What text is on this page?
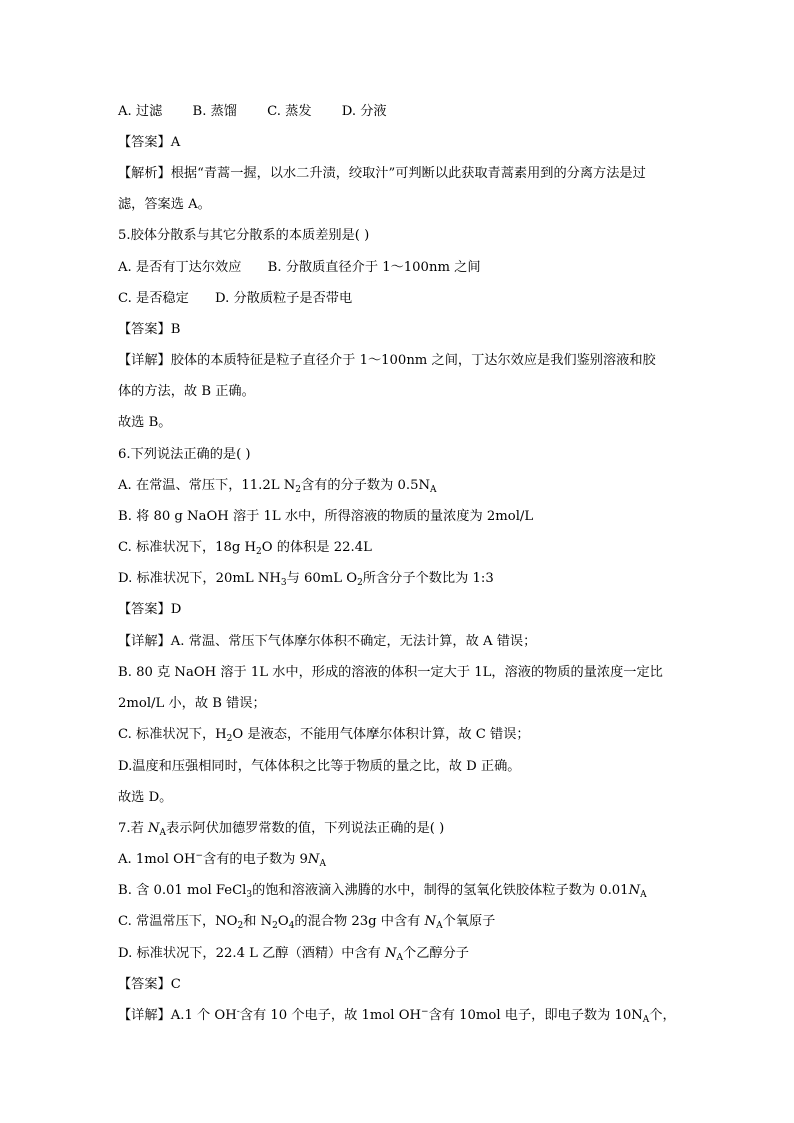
A. 过滤 B. 蒸馏 C. 蒸发 D. 分液
【答案】A
【解析】根据“青蒿一握，以水二升渍，绞取汁”可判断以此获取青蒿素用到的分离方法是过
滤，答案选 A。
5.胶体分散系与其它分散系的本质差别是( )
A. 是否有丁达尔效应 B. 分散质直径介于 1～100nm 之间
C. 是否稳定 D. 分散质粒子是否带电
【答案】B
【详解】胶体的本质特征是粒子直径介于 1～100nm 之间，丁达尔效应是我们鉴别溶液和胶
体的方法，故 B 正确。
故选 B。
6.下列说法正确的是( )
A. 在常温、常压下，11.2L $N_2$含有的分子数为 $0.5N_A$
B. 将 80 g NaOH 溶于 1L 水中，所得溶液的物质的量浓度为 2mol/L
C. 标准状况下，18g $H_2O$ 的体积是 22.4L
D. 标准状况下，20mL $NH_3$与 60mL $O_2$所含分子个数比为 1:3
【答案】D
【详解】A. 常温、常压下气体摩尔体积不确定，无法计算，故 A 错误；
B. 80 克 NaOH 溶于 1L 水中，形成的溶液的体积一定大于 1L，溶液的物质的量浓度一定比
2mol/L 小，故 B 错误；
C. 标准状况下，$H_2O$ 是液态，不能用气体摩尔体积计算，故 C 错误；
D.温度和压强相同时，气体体积之比等于物质的量之比，故 D 正确。
故选 D。
7.若 $N_A$表示阿伏加德罗常数的值，下列说法正确的是( )
A. 1mol OH−含有的电子数为 $9N_A$
B. 含 0.01 mol FeCl$_3$的饱和溶液滴入沸腾的水中，制得的氢氧化铁胶体粒子数为 $0.01N_A$
C. 常温常压下，$NO_2$和 $N_2O_4$的混合物 23g 中含有 $N_A$个氧原子
D. 标准状况下，22.4 L 乙醇（酒精）中含有 $N_A$个乙醇分子
【答案】C
【详解】A.1 个 OH-含有 10 个电子，故 1mol OH−含有 10mol 电子，即电子数为 $10N_A$个，
